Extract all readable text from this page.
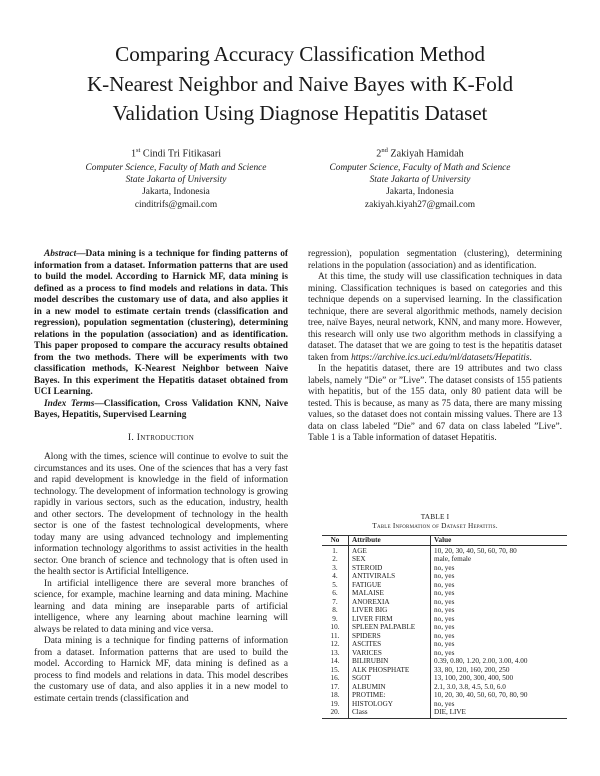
Comparing Accuracy Classification Method
K-Nearest Neighbor and Naive Bayes with K-Fold
Validation Using Diagnose Hepatitis Dataset
1st Cindi Tri Fitikasari
Computer Science, Faculty of Math and Science
State Jakarta of University
Jakarta, Indonesia
cinditrifs@gmail.com
2nd Zakiyah Hamidah
Computer Science, Faculty of Math and Science
State Jakarta of University
Jakarta, Indonesia
zakiyah.kiyah27@gmail.com

Abstract—Data mining is a technique for finding patterns of information from a dataset. Information patterns that are used to build the model. According to Harnick MF, data mining is defined as a process to find models and relations in data. This model describes the customary use of data, and also applies it in a new model to estimate certain trends (classification and regression), population segmentation (clustering), determining relations in the population (association) and as identification. This paper proposed to compare the accuracy results obtained from the two methods. There will be experiments with two classification methods, K-Nearest Neighbor between Naive Bayes. In this experiment the Hepatitis dataset obtained from UCI Learning.

Index Terms—Classification, Cross Validation KNN, Naive Bayes, Hepatitis, Supervised Learning

I. Introduction

Along with the times, science will continue to evolve to suit the circumstances and its uses. One of the sciences that has a very fast and rapid development is knowledge in the field of information technology. The development of information technology is growing rapidly in various sectors, such as the education, industry, health and other sectors. The development of technology in the health sector is one of the fastest technological developments, where today many are using advanced technology and implementing information technology algorithms to assist activities in the health sector. One branch of science and technology that is often used in the health sector is Artificial Intelligence.

In artificial intelligence there are several more branches of science, for example, machine learning and data mining. Machine learning and data mining are inseparable parts of artificial intelligence, where any learning about machine learning will always be related to data mining and vice versa.

Data mining is a technique for finding patterns of information from a dataset. Information patterns that are used to build the model. According to Harnick MF, data mining is defined as a process to find models and relations in data. This model describes the customary use of data, and also applies it in a new model to estimate certain trends (classification and

regression), population segmentation (clustering), determining relations in the population (association) and as identification.

At this time, the study will use classification techniques in data mining. Classification techniques is based on categories and this technique depends on a supervised learning. In the classification technique, there are several algorithmic methods, namely decision tree, naïve Bayes, neural network, KNN, and many more. However, this research will only use two algorithm methods in classifying a dataset. The dataset that we are going to test is the hepatitis dataset taken from https://archive.ics.uci.edu/ml/datasets/Hepatitis.

In the hepatitis dataset, there are 19 attributes and two class labels, namely ”Die” or ”Live”. The dataset consists of 155 patients with hepatitis, but of the 155 data, only 80 patient data will be tested. This is because, as many as 75 data, there are many missing values, so the dataset does not contain missing values. There are 13 data on class labeled ”Die” and 67 data on class labeled ”Live”. Table 1 is a Table information of dataset Hepatitis.

TABLE I
Table Information of Dataset Hepatitis.
No	Attribute	Value
1.	AGE	10, 20, 30, 40, 50, 60, 70, 80
2.	SEX	male, female
3.	STEROID	no, yes
4.	ANTIVIRALS	no, yes
5.	FATIGUE	no, yes
6.	MALAISE	no, yes
7.	ANOREXIA	no, yes
8.	LIVER BIG	no, yes
9.	LIVER FIRM	no, yes
10.	SPLEEN PALPABLE	no, yes
11.	SPIDERS	no, yes
12.	ASCITES	no, yes
13.	VARICES	no, yes
14.	BILIRUBIN	0.39, 0.80, 1.20, 2.00, 3.00, 4.00
15.	ALK PHOSPHATE	33, 80, 120, 160, 200, 250
16.	SGOT	13, 100, 200, 300, 400, 500
17.	ALBUMIN	2.1, 3.0, 3.8, 4.5, 5.0, 6.0
18.	PROTIME:	10, 20, 30, 40, 50, 60, 70, 80, 90
19.	HISTOLOGY	no, yes
20.	Class	DIE, LIVE
